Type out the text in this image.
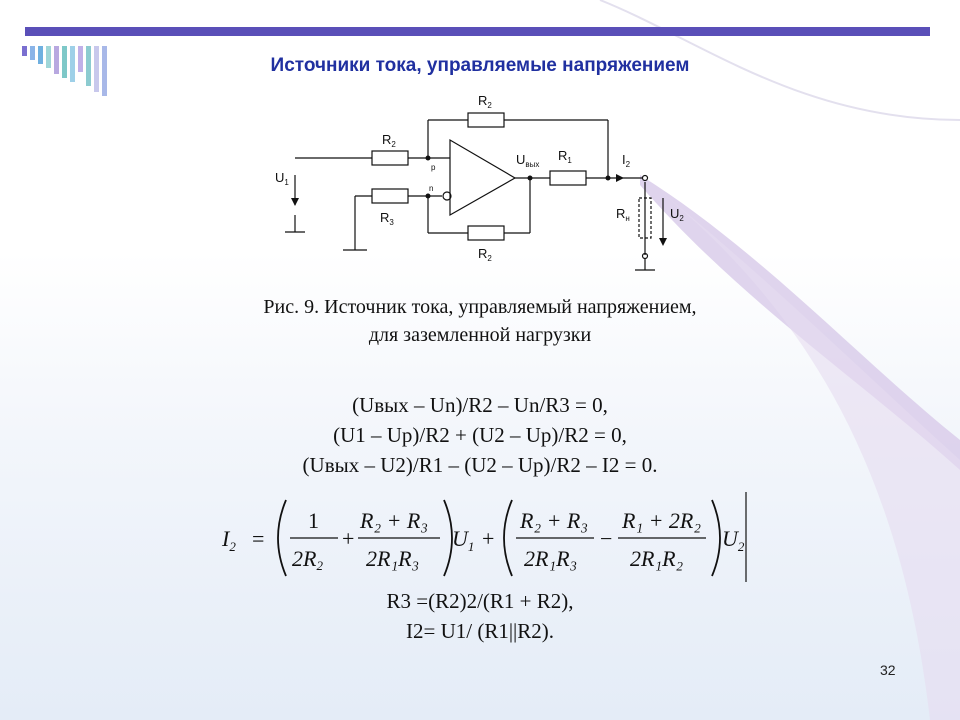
Источники тока, управляемые напряжением
$R_2$
$R_2$
$R_3$
$R_2$
$R_1$
$U_1$
$U_{вых}$	$I_2$
$R_н$	$U_2$
p
n
Рис. 9. Источник тока, управляемый напряжением,
для заземленной нагрузки
(Uвых – Un)/R2 – Un/R3 = 0,
(U1 – Up)/R2 + (U2 – Up)/R2 = 0,
(Uвых – U2)/R1 – (U2 – Up)/R2 – I2 = 0.
$I_2$ =
1
2R2
+
R₂ + R₃
2R₁R₃
$U_1$ +
R₂ + R₃
2R₁R₃
−
R₁ + 2R₂
2R₁R₂
$U_2$
R3 =(R2)2/(R1 + R2),
I2= U1/ (R1||R2).
32
